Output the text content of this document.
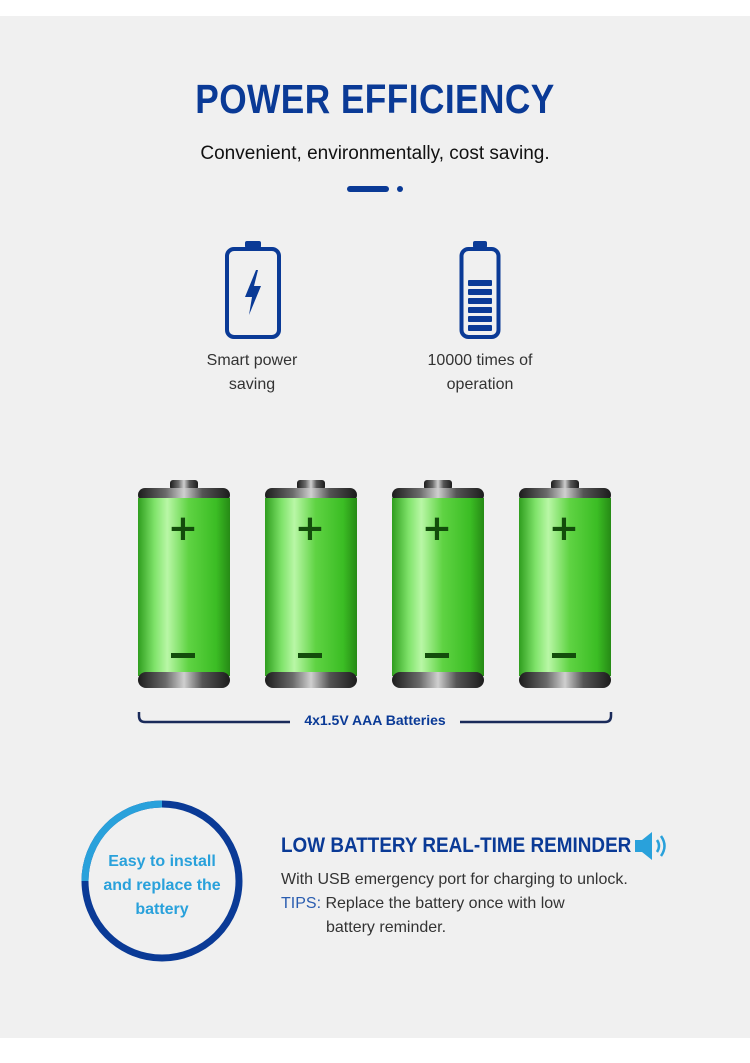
POWER EFFICIENCY
Convenient, environmentally, cost saving.
Smart power
saving
10000 times of
operation
+	+	+	+
4x1.5V AAA Batteries
Easy to install and replace the battery
LOW BATTERY REAL-TIME REMINDER
With USB emergency port for charging to unlock.
TIPS: Replace the battery once with low
battery reminder.
